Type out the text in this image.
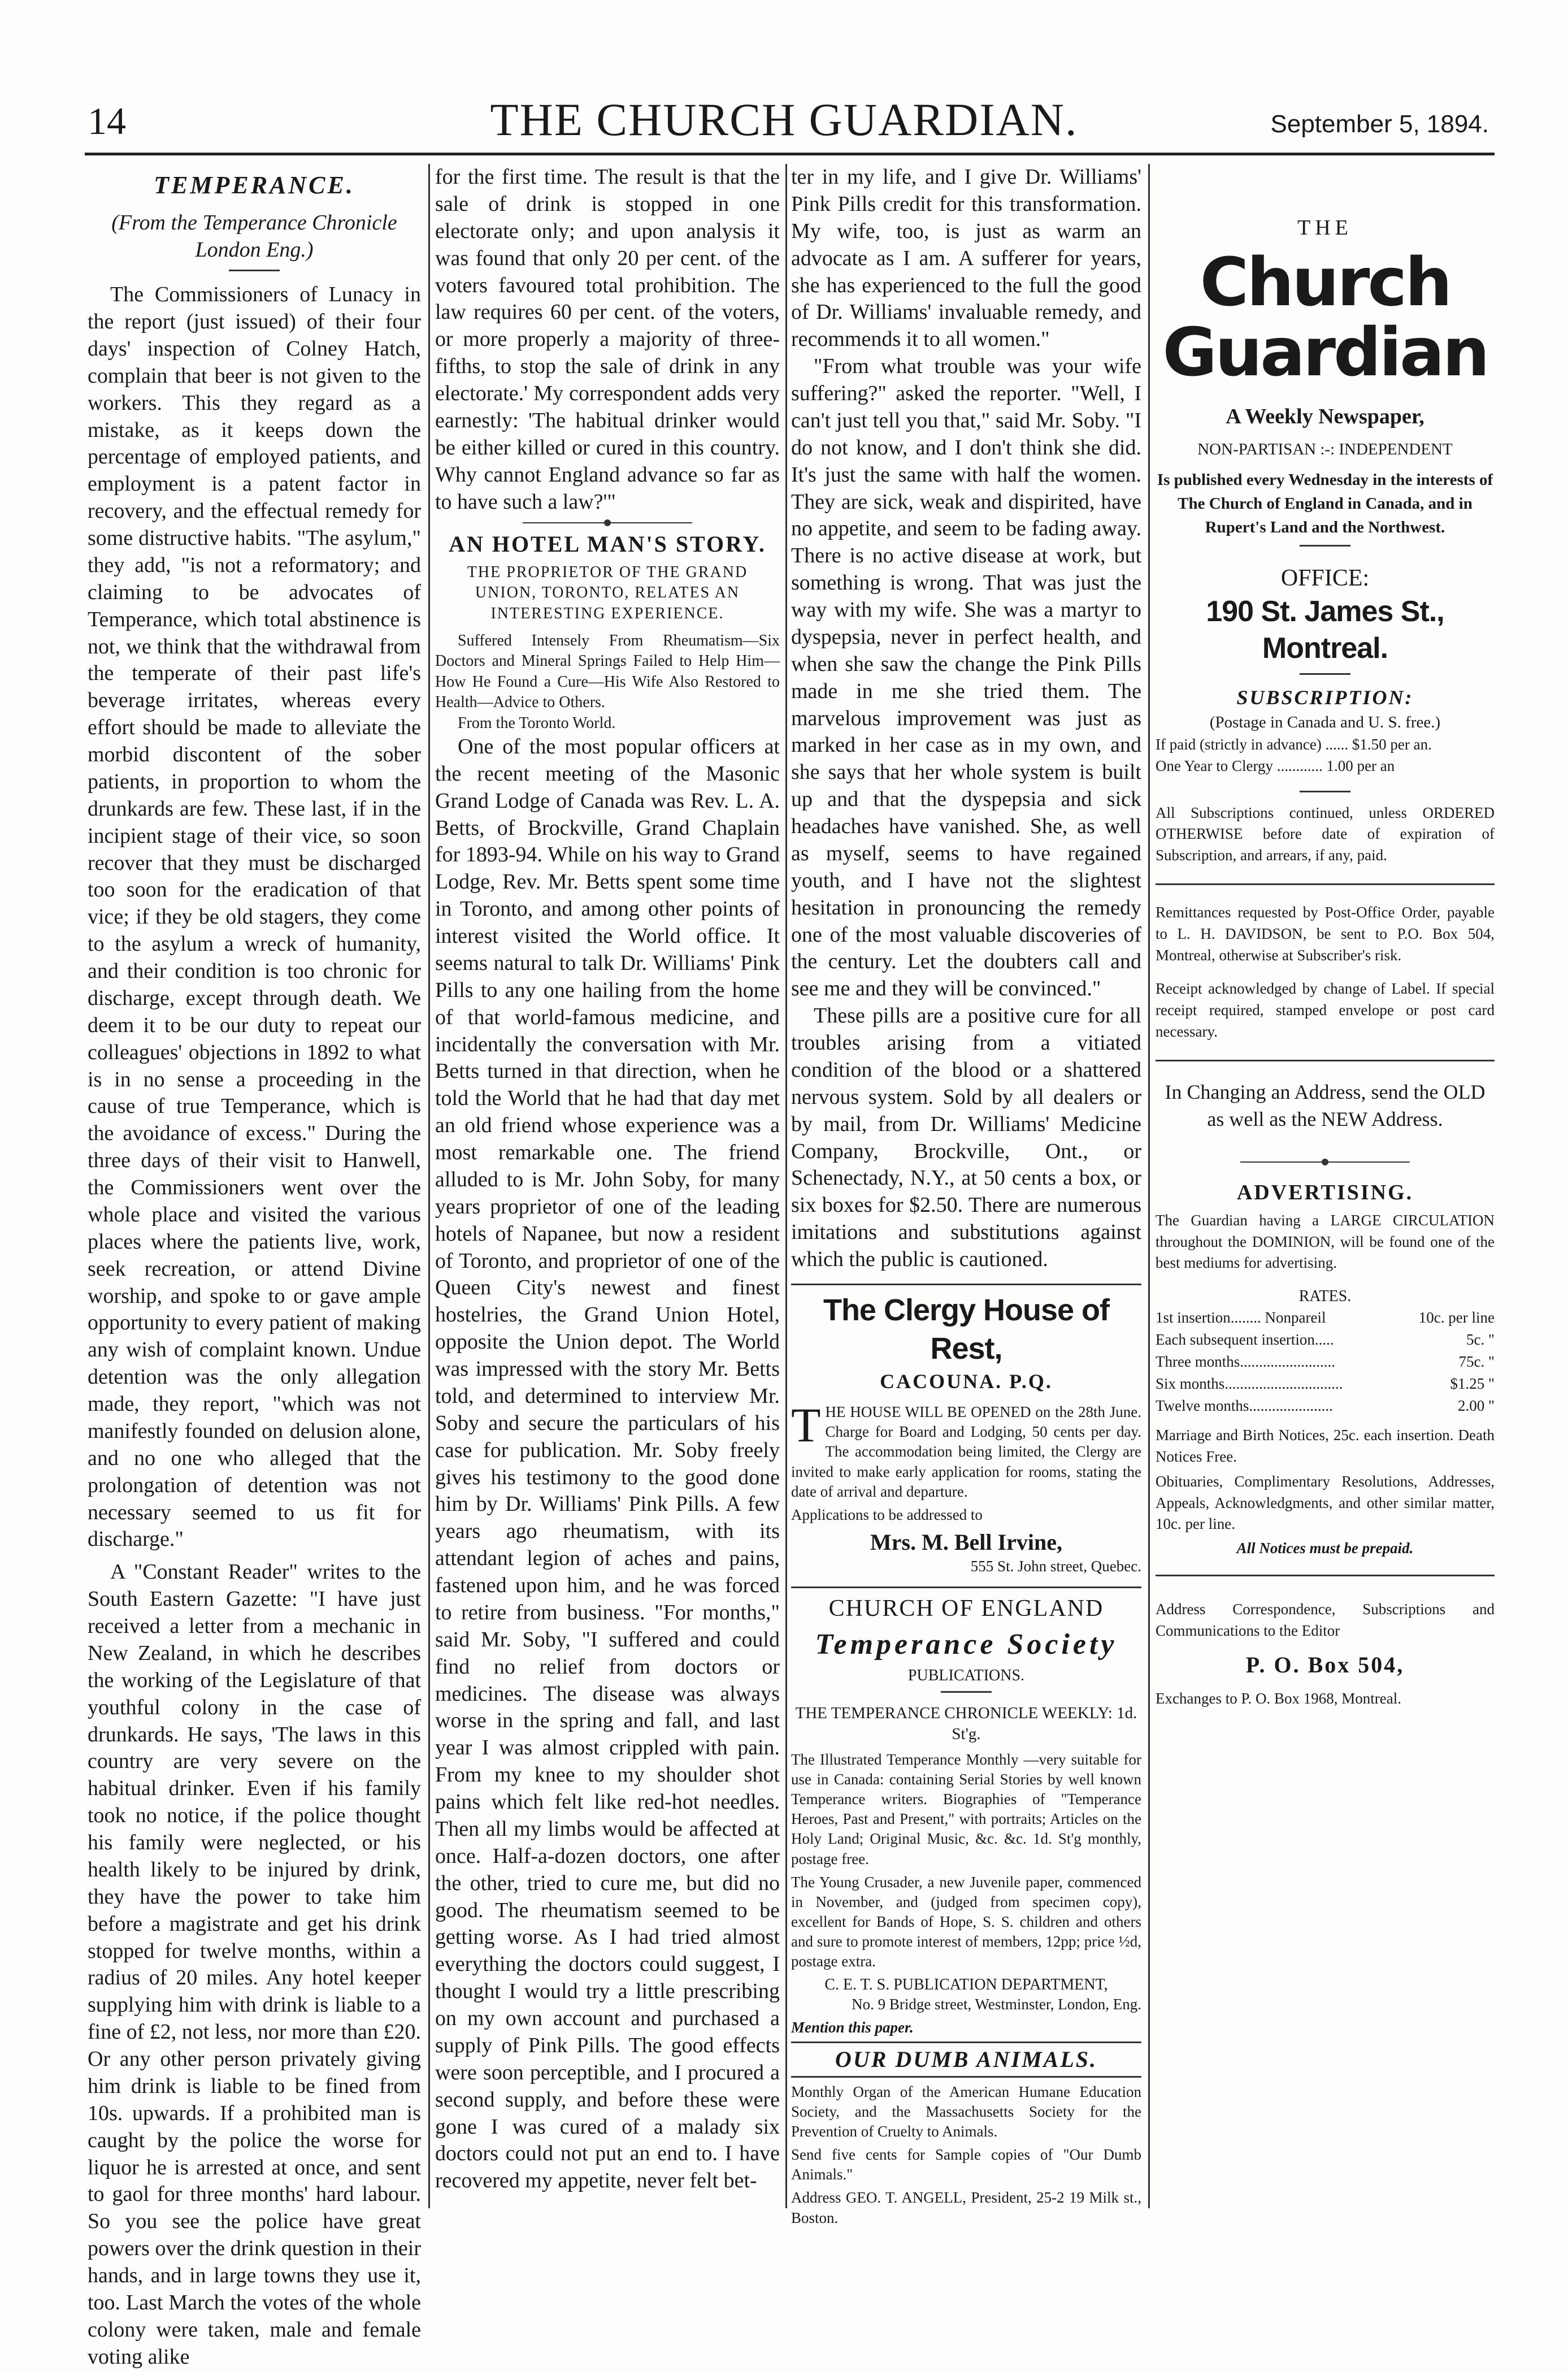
14	THE CHURCH GUARDIAN.	September 5, 1894.
TEMPERANCE.
(From the Temperance Chronicle London Eng.)

The Commissioners of Lunacy in the report (just issued) of their four days' inspection of Colney Hatch, complain that beer is not given to the workers. This they regard as a mistake, as it keeps down the percentage of employed patients, and employment is a patent factor in recovery, and the effectual remedy for some distructive habits. "The asylum," they add, "is not a reformatory; and claiming to be advocates of Temperance, which total abstinence is not, we think that the withdrawal from the temperate of their past life's beverage irritates, whereas every effort should be made to alleviate the morbid discontent of the sober patients, in proportion to whom the drunkards are few. These last, if in the incipient stage of their vice, so soon recover that they must be discharged too soon for the eradication of that vice; if they be old stagers, they come to the asylum a wreck of humanity, and their condition is too chronic for discharge, except through death. We deem it to be our duty to repeat our colleagues' objections in 1892 to what is in no sense a proceeding in the cause of true Temperance, which is the avoidance of excess." During the three days of their visit to Hanwell, the Commissioners went over the whole place and visited the various places where the patients live, work, seek recreation, or attend Divine worship, and spoke to or gave ample opportunity to every patient of making any wish of complaint known. Undue detention was the only allegation made, they report, "which was not manifestly founded on delusion alone, and no one who alleged that the prolongation of detention was not necessary seemed to us fit for discharge."

A "Constant Reader" writes to the South Eastern Gazette: "I have just received a letter from a mechanic in New Zealand, in which he describes the working of the Legislature of that youthful colony in the case of drunkards. He says, 'The laws in this country are very severe on the habitual drinker. Even if his family took no notice, if the police thought his family were neglected, or his health likely to be injured by drink, they have the power to take him before a magistrate and get his drink stopped for twelve months, within a radius of 20 miles. Any hotel keeper supplying him with drink is liable to a fine of £2, not less, nor more than £20. Or any other person privately giving him drink is liable to be fined from 10s. upwards. If a prohibited man is caught by the police the worse for liquor he is arrested at once, and sent to gaol for three months' hard labour. So you see the police have great powers over the drink question in their hands, and in large towns they use it, too. Last March the votes of the whole colony were taken, male and female voting alike

for the first time. The result is that the sale of drink is stopped in one electorate only; and upon analysis it was found that only 20 per cent. of the voters favoured total prohibition. The law requires 60 per cent. of the voters, or more properly a majority of three-fifths, to stop the sale of drink in any electorate.' My correspondent adds very earnestly: 'The habitual drinker would be either killed or cured in this country. Why cannot England advance so far as to have such a law?'"

AN HOTEL MAN'S STORY.
THE PROPRIETOR OF THE GRAND UNION, TORONTO, RELATES AN INTERESTING EXPERIENCE.

Suffered Intensely From Rheumatism—Six Doctors and Mineral Springs Failed to Help Him—How He Found a Cure—His Wife Also Restored to Health—Advice to Others.

From the Toronto World.

One of the most popular officers at the recent meeting of the Masonic Grand Lodge of Canada was Rev. L. A. Betts, of Brockville, Grand Chaplain for 1893-94. While on his way to Grand Lodge, Rev. Mr. Betts spent some time in Toronto, and among other points of interest visited the World office. It seems natural to talk Dr. Williams' Pink Pills to any one hailing from the home of that world-famous medicine, and incidentally the conversation with Mr. Betts turned in that direction, when he told the World that he had that day met an old friend whose experience was a most remarkable one. The friend alluded to is Mr. John Soby, for many years proprietor of one of the leading hotels of Napanee, but now a resident of Toronto, and proprietor of one of the Queen City's newest and finest hostelries, the Grand Union Hotel, opposite the Union depot. The World was impressed with the story Mr. Betts told, and determined to interview Mr. Soby and secure the particulars of his case for publication. Mr. Soby freely gives his testimony to the good done him by Dr. Williams' Pink Pills. A few years ago rheumatism, with its attendant legion of aches and pains, fastened upon him, and he was forced to retire from business. "For months," said Mr. Soby, "I suffered and could find no relief from doctors or medicines. The disease was always worse in the spring and fall, and last year I was almost crippled with pain. From my knee to my shoulder shot pains which felt like red-hot needles. Then all my limbs would be affected at once. Half-a-dozen doctors, one after the other, tried to cure me, but did no good. The rheumatism seemed to be getting worse. As I had tried almost everything the doctors could suggest, I thought I would try a little prescribing on my own account and purchased a supply of Pink Pills. The good effects were soon perceptible, and I procured a second supply, and before these were gone I was cured of a malady six doctors could not put an end to. I have recovered my appetite, never felt bet-

ter in my life, and I give Dr. Williams' Pink Pills credit for this transformation. My wife, too, is just as warm an advocate as I am. A sufferer for years, she has experienced to the full the good of Dr. Williams' invaluable remedy, and recommends it to all women."

"From what trouble was your wife suffering?" asked the reporter. "Well, I can't just tell you that," said Mr. Soby. "I do not know, and I don't think she did. It's just the same with half the women. They are sick, weak and dispirited, have no appetite, and seem to be fading away. There is no active disease at work, but something is wrong. That was just the way with my wife. She was a martyr to dyspepsia, never in perfect health, and when she saw the change the Pink Pills made in me she tried them. The marvelous improvement was just as marked in her case as in my own, and she says that her whole system is built up and that the dyspepsia and sick headaches have vanished. She, as well as myself, seems to have regained youth, and I have not the slightest hesitation in pronouncing the remedy one of the most valuable discoveries of the century. Let the doubters call and see me and they will be convinced."

These pills are a positive cure for all troubles arising from a vitiated condition of the blood or a shattered nervous system. Sold by all dealers or by mail, from Dr. Williams' Medicine Company, Brockville, Ont., or Schenectady, N.Y., at 50 cents a box, or six boxes for $2.50. There are numerous imitations and substitutions against which the public is cautioned.

The Clergy House of Rest,
CACOUNA. P.Q.
THE HOUSE WILL BE OPENED on the 28th June. Charge for Board and Lodging, 50 cents per day. The accommodation being limited, the Clergy are invited to make early application for rooms, stating the date of arrival and departure.
Applications to be addressed to
Mrs. M. Bell Irvine,
555 St. John street, Quebec.
CHURCH OF ENGLAND
Temperance Society
PUBLICATIONS.
THE TEMPERANCE CHRONICLE WEEKLY: 1d. St'g.
The Illustrated Temperance Monthly —very suitable for use in Canada: containing Serial Stories by well known Temperance writers. Biographies of "Temperance Heroes, Past and Present," with portraits; Articles on the Holy Land; Original Music, &c. &c. 1d. St'g monthly, postage free.
The Young Crusader, a new Juvenile paper, commenced in November, and (judged from specimen copy), excellent for Bands of Hope, S. S. children and others and sure to promote interest of members, 12pp; price ½d, postage extra.
C. E. T. S. PUBLICATION DEPARTMENT,
No. 9 Bridge street, Westminster, London, Eng.
Mention this paper.
OUR DUMB ANIMALS.
Monthly Organ of the American Humane Education Society, and the Massachusetts Society for the Prevention of Cruelty to Animals.
Send five cents for Sample copies of "Our Dumb Animals."
Address GEO. T. ANGELL, President, 25-2 19 Milk st., Boston.
THE
Church Guardian
A Weekly Newspaper,
NON-PARTISAN :-: INDEPENDENT
Is published every Wednesday in the interests of The Church of England in Canada, and in Rupert's Land and the Northwest.
OFFICE:
190 St. James St., Montreal.
SUBSCRIPTION:
(Postage in Canada and U. S. free.)
If paid (strictly in advance) ...... $1.50 per an.
One Year to Clergy ............ 1.00 per an
All Subscriptions continued, unless ORDERED OTHERWISE before date of expiration of Subscription, and arrears, if any, paid.
Remittances requested by Post-Office Order, payable to L. H. DAVIDSON, be sent to P.O. Box 504, Montreal, otherwise at Subscriber's risk.
Receipt acknowledged by change of Label. If special receipt required, stamped envelope or post card necessary.
In Changing an Address, send the OLD as well as the NEW Address.
ADVERTISING.
The Guardian having a LARGE CIRCULATION throughout the DOMINION, will be found one of the best mediums for advertising.
RATES.
1st insertion........ Nonpareil	10c. per line
Each subsequent insertion.....	5c. "
Three months.........................	75c. "
Six months...............................	$1.25 "
Twelve months......................	2.00 "
Marriage and Birth Notices, 25c. each insertion. Death Notices Free.
Obituaries, Complimentary Resolutions, Addresses, Appeals, Acknowledgments, and other similar matter, 10c. per line.
All Notices must be prepaid.
Address Correspondence, Subscriptions and Communications to the Editor
P. O. Box 504,
Exchanges to P. O. Box 1968, Montreal.
